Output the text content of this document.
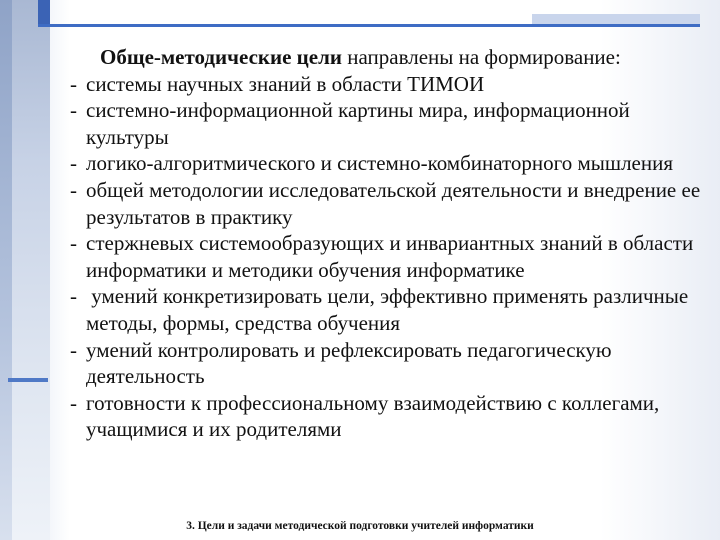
Обще-методические цели направлены на формирование:

- системы научных знаний в области ТИМОИ

- системно-информационной картины мира, информационной культуры

- логико-алгоритмического и системно-комбинаторного мышления

- общей методологии исследовательской деятельности и внедрение ее результатов в практику

- стержневых системообразующих и инвариантных знаний в области информатики и методики обучения информатике

- умений конкретизировать цели, эффективно применять различные методы, формы, средства обучения

- умений контролировать и рефлексировать педагогическую деятельность

- готовности к профессиональному взаимодействию с коллегами, учащимися и их родителями

3. Цели и задачи методической подготовки учителей информатики
